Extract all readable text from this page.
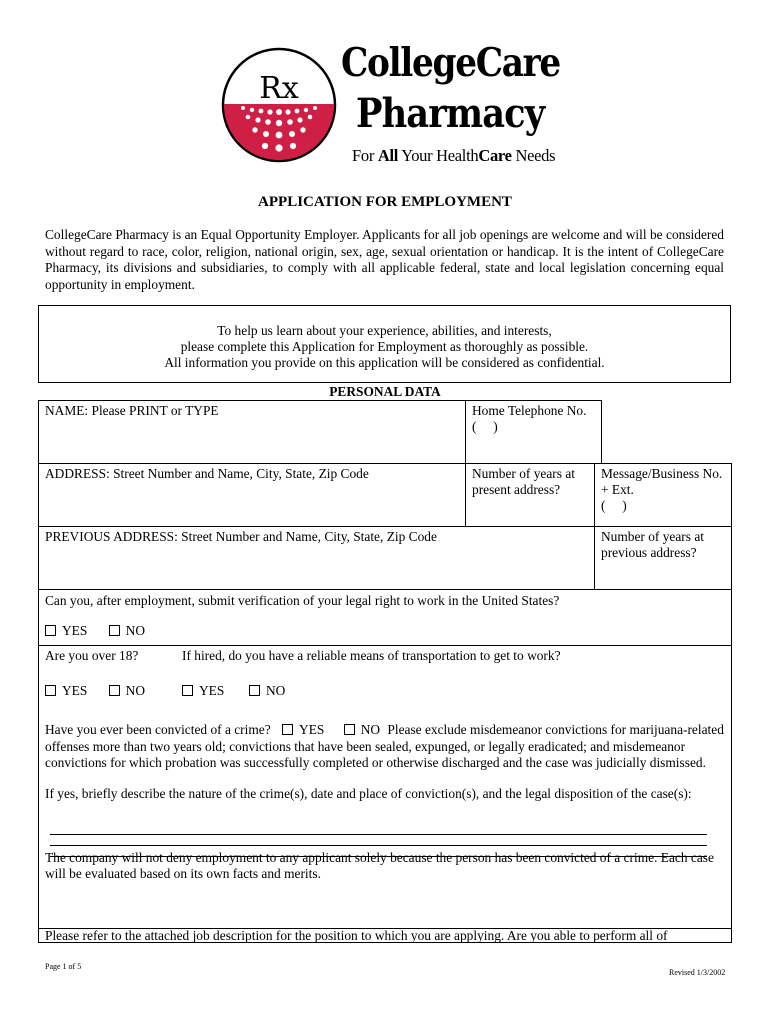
Rx
CollegeCare
Pharmacy
For All Your HealthCare Needs
APPLICATION FOR EMPLOYMENT
CollegeCare Pharmacy is an Equal Opportunity Employer. Applicants for all job openings are welcome and will be considered without regard to race, color, religion, national origin, sex, age, sexual orientation or handicap. It is the intent of CollegeCare Pharmacy, its divisions and subsidiaries, to comply with all applicable federal, state and local legislation concerning equal opportunity in employment.
To help us learn about your experience, abilities, and interests,
please complete this Application for Employment as thoroughly as possible.
All information you provide on this application will be considered as confidential.
PERSONAL DATA
NAME: Please PRINT or TYPE	Home Telephone No.
(     )
ADDRESS: Street Number and Name, City, State, Zip Code	Number of years at present address?
Message/Business No. + Ext.
(     )
PREVIOUS ADDRESS: Street Number and Name, City, State, Zip Code	Number of years at previous address?
Can you, after employment, submit verification of your legal right to work in the United States?
YES	NO
Are you over 18?	If hired, do you have a reliable means of transportation to get to work?
YES	NO	YES	NO
Have you ever been convicted of a crime? YES	NO Please exclude misdemeanor convictions for marijuana-related offenses more than two years old; convictions that have been sealed, expunged, or legally eradicated; and misdemeanor convictions for which probation was successfully completed or otherwise discharged and the case was judicially dismissed.
If yes, briefly describe the nature of the crime(s), date and place of conviction(s), and the legal disposition of the case(s):
The company will not deny employment to any applicant solely because the person has been convicted of a crime. Each case will be evaluated based on its own facts and merits.
Please refer to the attached job description for the position to which you are applying. Are you able to perform all of
Page 1 of 5
Revised 1/3/2002
